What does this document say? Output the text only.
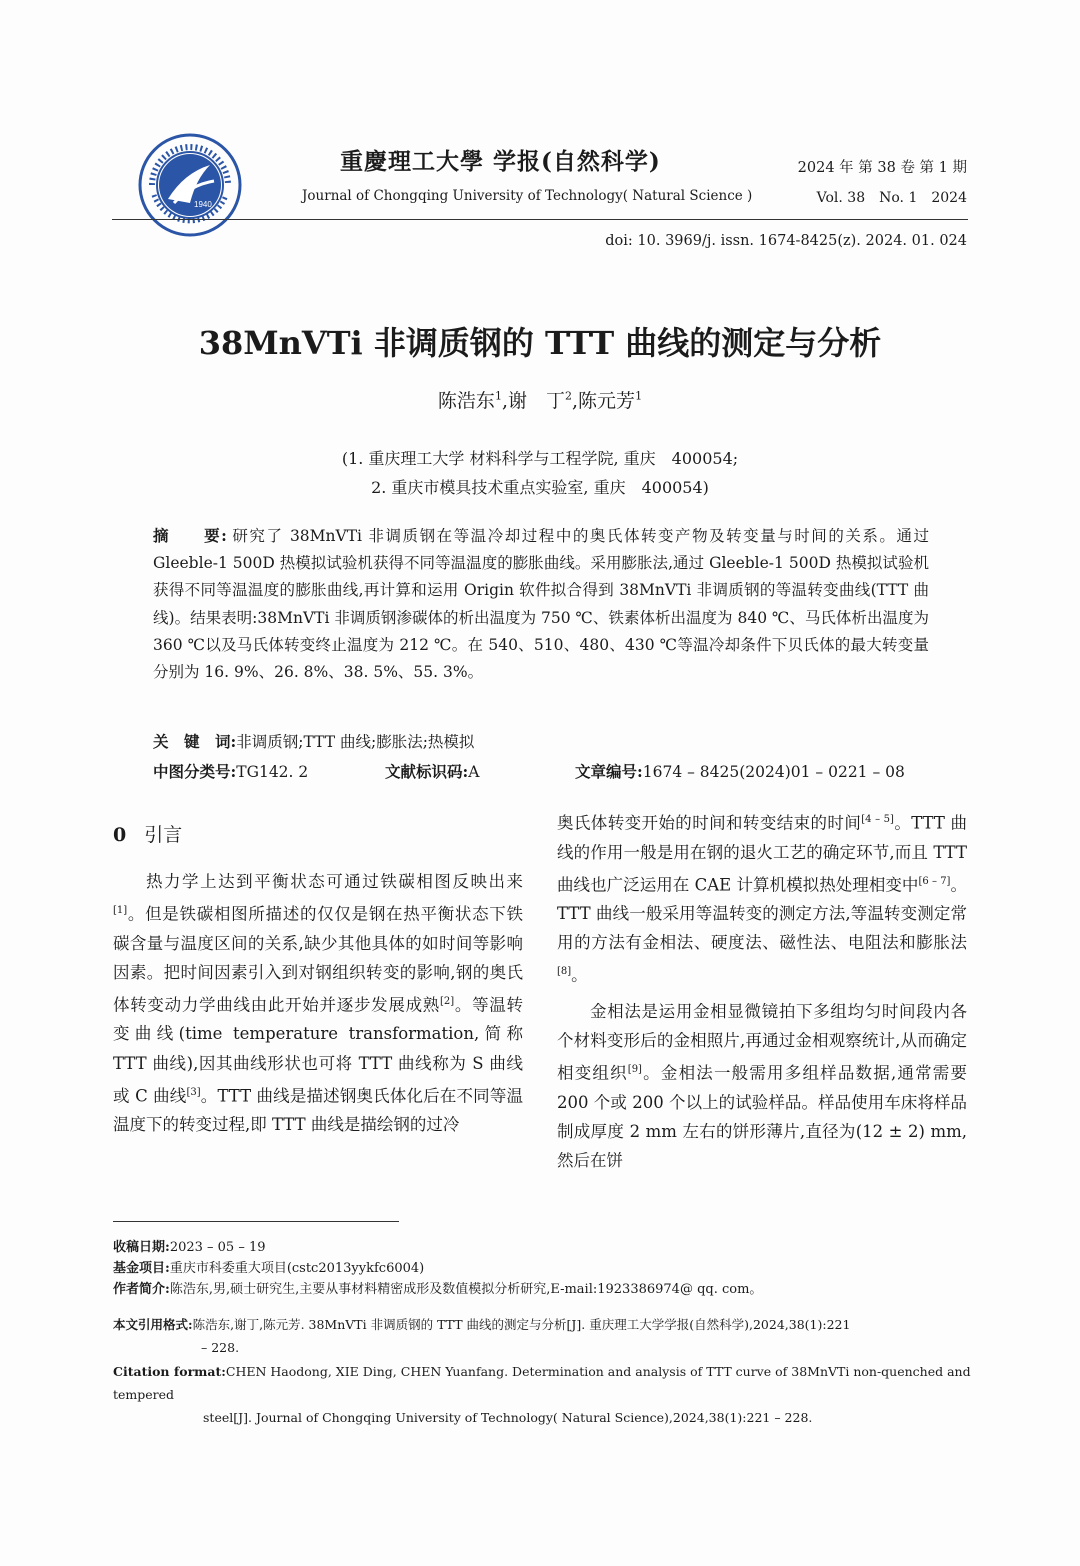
1940
重慶理工大學 学报(自然科学)
Journal of Chongqing University of Technology( Natural Science )
2024 年 第 38 卷 第 1 期
Vol. 38　No. 1　2024
doi: 10. 3969/j. issn. 1674-8425(z). 2024. 01. 024
38MnVTi 非调质钢的 TTT 曲线的测定与分析
陈浩东$^1$,谢　丁$^2$,陈元芳$^1$
(1. 重庆理工大学 材料科学与工程学院, 重庆　400054;
2. 重庆市模具技术重点实验室, 重庆　400054)
摘　　要: 研究了 38MnVTi 非调质钢在等温冷却过程中的奥氏体转变产物及转变量与时间的关系。通过 Gleeble-1 500D 热模拟试验机获得不同等温温度的膨胀曲线。采用膨胀法,通过 Gleeble-1 500D 热模拟试验机获得不同等温温度的膨胀曲线,再计算和运用 Origin 软件拟合得到 38MnVTi 非调质钢的等温转变曲线(TTT 曲线)。结果表明:38MnVTi 非调质钢渗碳体的析出温度为 750 ℃、铁素体析出温度为 840 ℃、马氏体析出温度为 360 ℃以及马氏体转变终止温度为 212 ℃。在 540、510、480、430 ℃等温冷却条件下贝氏体的最大转变量分别为 16. 9%、26. 8%、38. 5%、55. 3%。
关　键　词:非调质钢;TTT 曲线;膨胀法;热模拟
中图分类号:TG142. 2	文献标识码:A	文章编号:1674 – 8425(2024)01 – 0221 – 08
0 引言

热力学上达到平衡状态可通过铁碳相图反映出来[1]。但是铁碳相图所描述的仅仅是钢在热平衡状态下铁碳含量与温度区间的关系,缺少其他具体的如时间等影响因素。把时间因素引入到对钢组织转变的影响,钢的奥氏体转变动力学曲线由此开始并逐步发展成熟[2]。等温转变曲线(time temperature transformation,简称 TTT 曲线),因其曲线形状也可将 TTT 曲线称为 S 曲线或 C 曲线[3]。TTT 曲线是描述钢奥氏体化后在不同等温温度下的转变过程,即 TTT 曲线是描绘钢的过冷

奥氏体转变开始的时间和转变结束的时间[4 – 5]。TTT 曲线的作用一般是用在钢的退火工艺的确定环节,而且 TTT 曲线也广泛运用在 CAE 计算机模拟热处理相变中[6 – 7]。TTT 曲线一般采用等温转变的测定方法,等温转变测定常用的方法有金相法、硬度法、磁性法、电阻法和膨胀法[8]。

金相法是运用金相显微镜拍下多组均匀时间段内各个材料变形后的金相照片,再通过金相观察统计,从而确定相变组织[9]。金相法一般需用多组样品数据,通常需要 200 个或 200 个以上的试验样品。样品使用车床将样品制成厚度 2 mm 左右的饼形薄片,直径为(12 ± 2) mm,然后在饼

收稿日期:2023 – 05 – 19
基金项目:重庆市科委重大项目(cstc2013yykfc6004)
作者简介:陈浩东,男,硕士研究生,主要从事材料精密成形及数值模拟分析研究,E-mail:1923386974@ qq. com。
本文引用格式:陈浩东,谢丁,陈元芳. 38MnVTi 非调质钢的 TTT 曲线的测定与分析[J]. 重庆理工大学学报(自然科学),2024,38(1):221
– 228.
Citation format:CHEN Haodong, XIE Ding, CHEN Yuanfang. Determination and analysis of TTT curve of 38MnVTi non-quenched and tempered
steel[J]. Journal of Chongqing University of Technology( Natural Science),2024,38(1):221 – 228.
